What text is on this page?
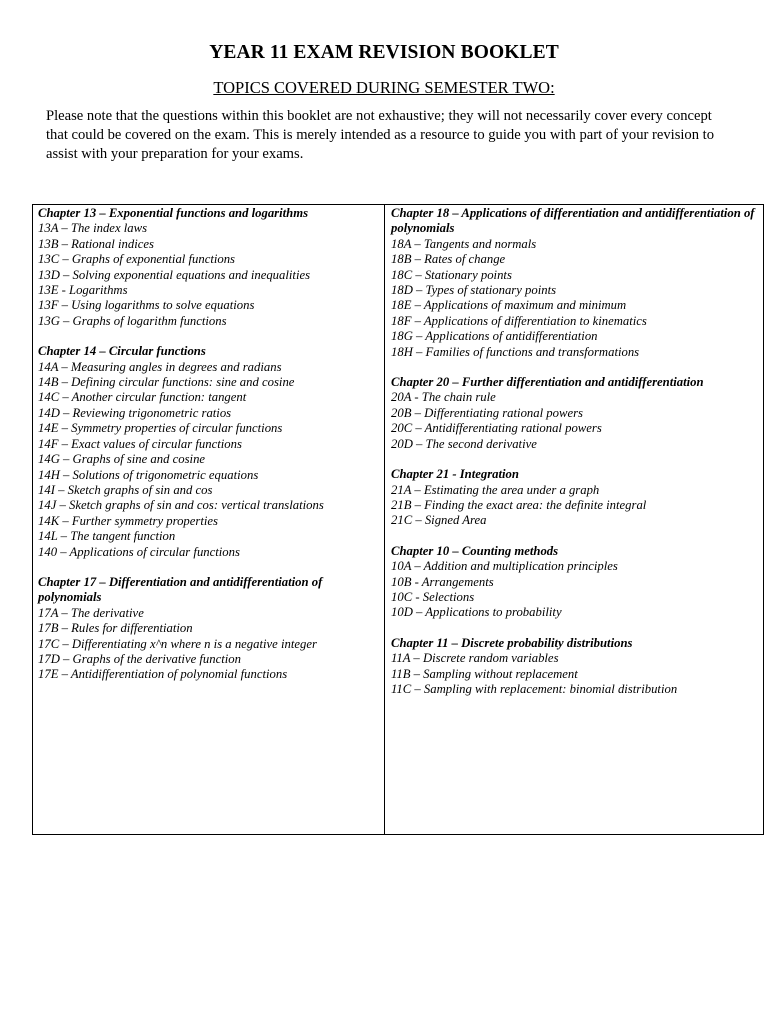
YEAR 11 EXAM REVISION BOOKLET
TOPICS COVERED DURING SEMESTER TWO:

Please note that the questions within this booklet are not exhaustive; they will not necessarily cover every concept that could be covered on the exam. This is merely intended as a resource to guide you with part of your revision to assist with your preparation for your exams.

Chapter 13 – Exponential functions and logarithms
13A – The index laws
13B – Rational indices
13C – Graphs of exponential functions
13D – Solving exponential equations and inequalities
13E - Logarithms
13F – Using logarithms to solve equations
13G – Graphs of logarithm functions
Chapter 14 – Circular functions
14A – Measuring angles in degrees and radians
14B – Defining circular functions: sine and cosine
14C – Another circular function: tangent
14D – Reviewing trigonometric ratios
14E – Symmetry properties of circular functions
14F – Exact values of circular functions
14G – Graphs of sine and cosine
14H – Solutions of trigonometric equations
14I – Sketch graphs of sin and cos
14J – Sketch graphs of sin and cos: vertical translations
14K – Further symmetry properties
14L – The tangent function
140 – Applications of circular functions
Chapter 17 – Differentiation and antidifferentiation of polynomials
17A – The derivative
17B – Rules for differentiation
17C – Differentiating x^n where n is a negative integer
17D – Graphs of the derivative function
17E – Antidifferentiation of polynomial functions
Chapter 18 – Applications of differentiation and antidifferentiation of polynomials
18A – Tangents and normals
18B – Rates of change
18C – Stationary points
18D – Types of stationary points
18E – Applications of maximum and minimum
18F – Applications of differentiation to kinematics
18G – Applications of antidifferentiation
18H – Families of functions and transformations
Chapter 20 – Further differentiation and antidifferentiation
20A - The chain rule
20B – Differentiating rational powers
20C – Antidifferentiating rational powers
20D – The second derivative
Chapter 21 - Integration
21A – Estimating the area under a graph
21B – Finding the exact area: the definite integral
21C – Signed Area
Chapter 10 – Counting methods
10A – Addition and multiplication principles
10B - Arrangements
10C - Selections
10D – Applications to probability
Chapter 11 – Discrete probability distributions
11A – Discrete random variables
11B – Sampling without replacement
11C – Sampling with replacement: binomial distribution
